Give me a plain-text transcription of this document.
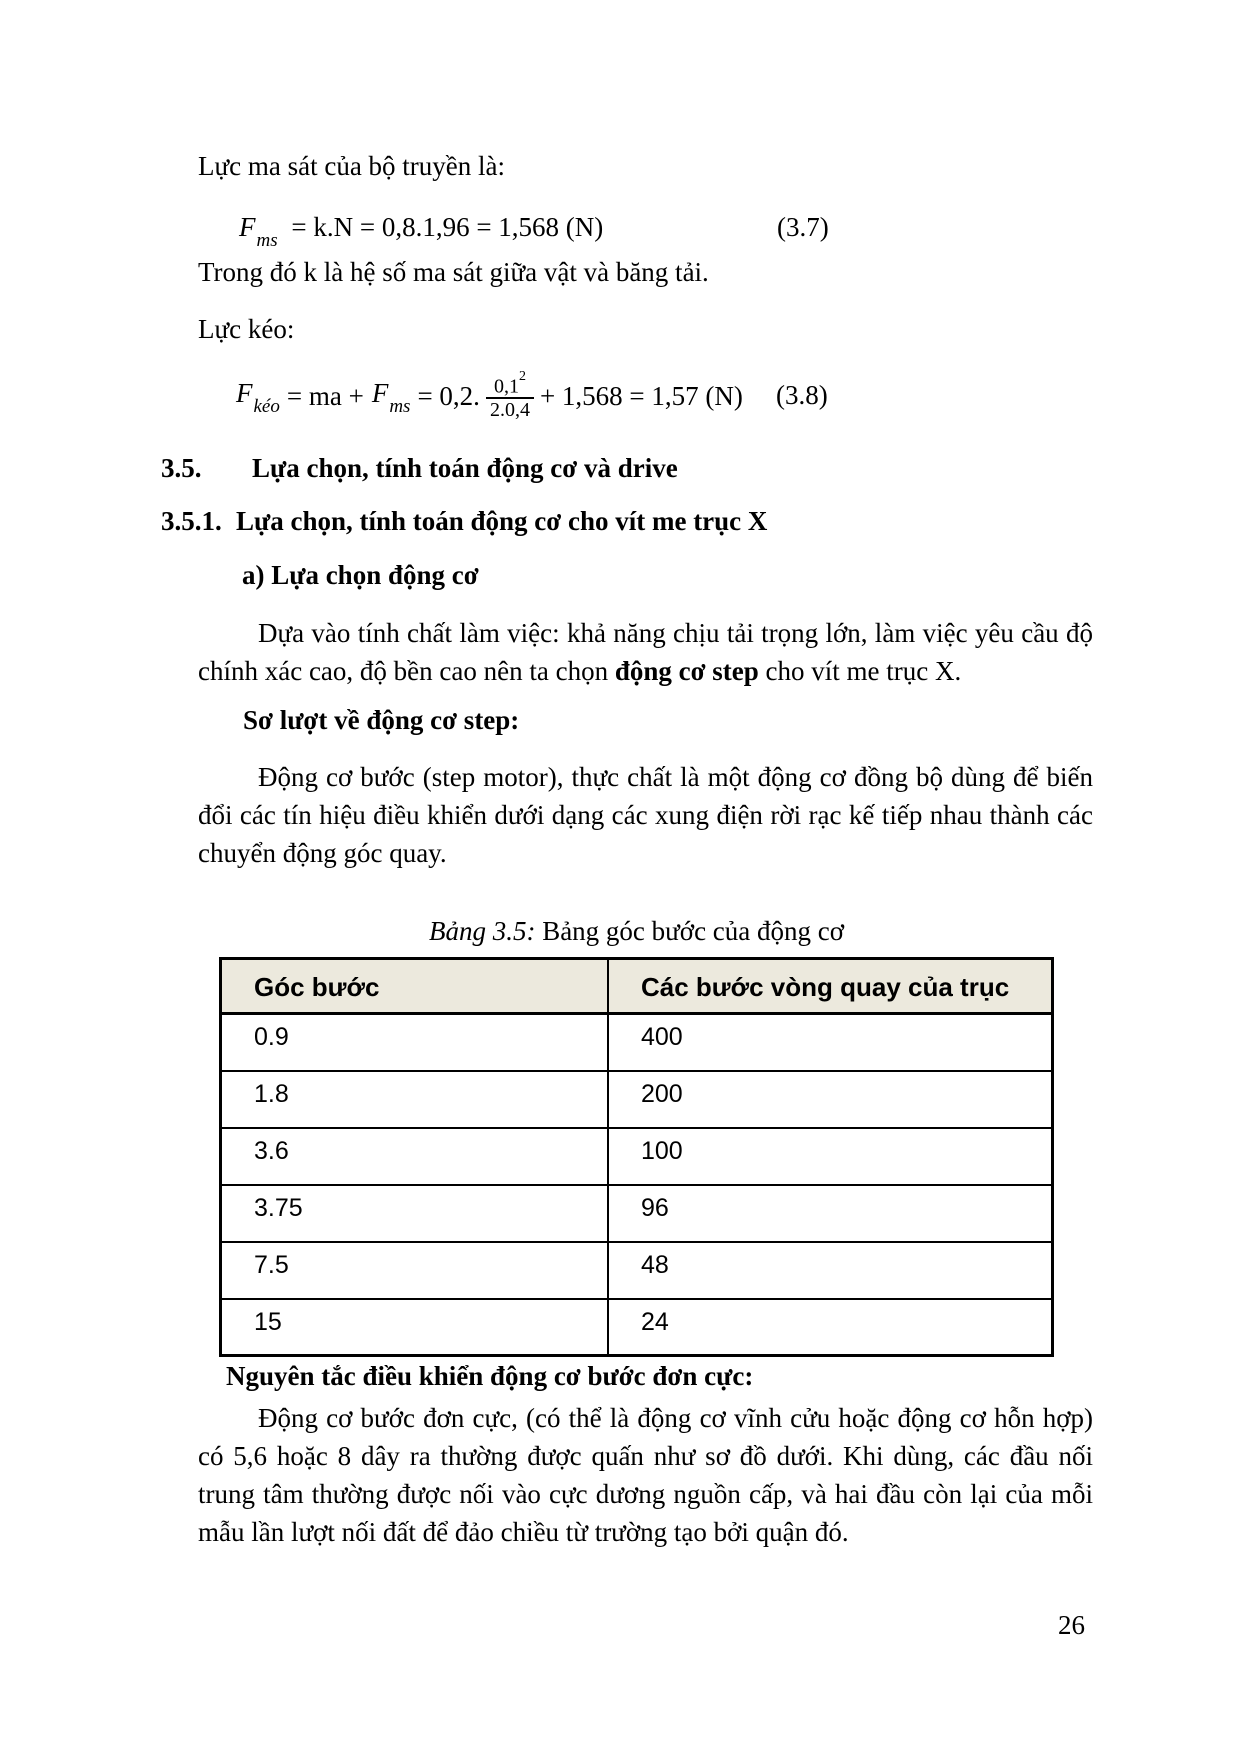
Lực ma sát của bộ truyền là:
$F_{ms} = k.N = 0,8.1,96 = 1,568$ (N)	(3.7)
Trong đó k là hệ số ma sát giữa vật và băng tải.
Lực kéo:
$F_{kéo}$ = ma + $F_{ms} = 0,2$. $\frac{0,1^2}{2.0,4} + 1,568 = 1,57$ (N) (3.8)
3.5. Lựa chọn, tính toán động cơ và drive
3.5.1. Lựa chọn, tính toán động cơ cho vít me trục X
a) Lựa chọn động cơ
Dựa vào tính chất làm việc: khả năng chịu tải trọng lớn, làm việc yêu cầu độ chính xác cao, độ bền cao nên ta chọn động cơ step cho vít me trục X.
Sơ lượt về động cơ step:
Động cơ bước (step motor), thực chất là một động cơ đồng bộ dùng để biến đổi các tín hiệu điều khiển dưới dạng các xung điện rời rạc kế tiếp nhau thành các chuyển động góc quay.
Bảng 3.5: Bảng góc bước của động cơ
Góc bước	Các bước vòng quay của trục
0.9	400
1.8	200
3.6	100
3.75	96
7.5	48
15	24
Nguyên tắc điều khiển động cơ bước đơn cực:
Động cơ bước đơn cực, (có thể là động cơ vĩnh cửu hoặc động cơ hỗn hợp) có 5,6 hoặc 8 dây ra thường được quấn như sơ đồ dưới. Khi dùng, các đầu nối trung tâm thường được nối vào cực dương nguồn cấp, và hai đầu còn lại của mỗi mẫu lần lượt nối đất để đảo chiều từ trường tạo bởi quận đó.
26
